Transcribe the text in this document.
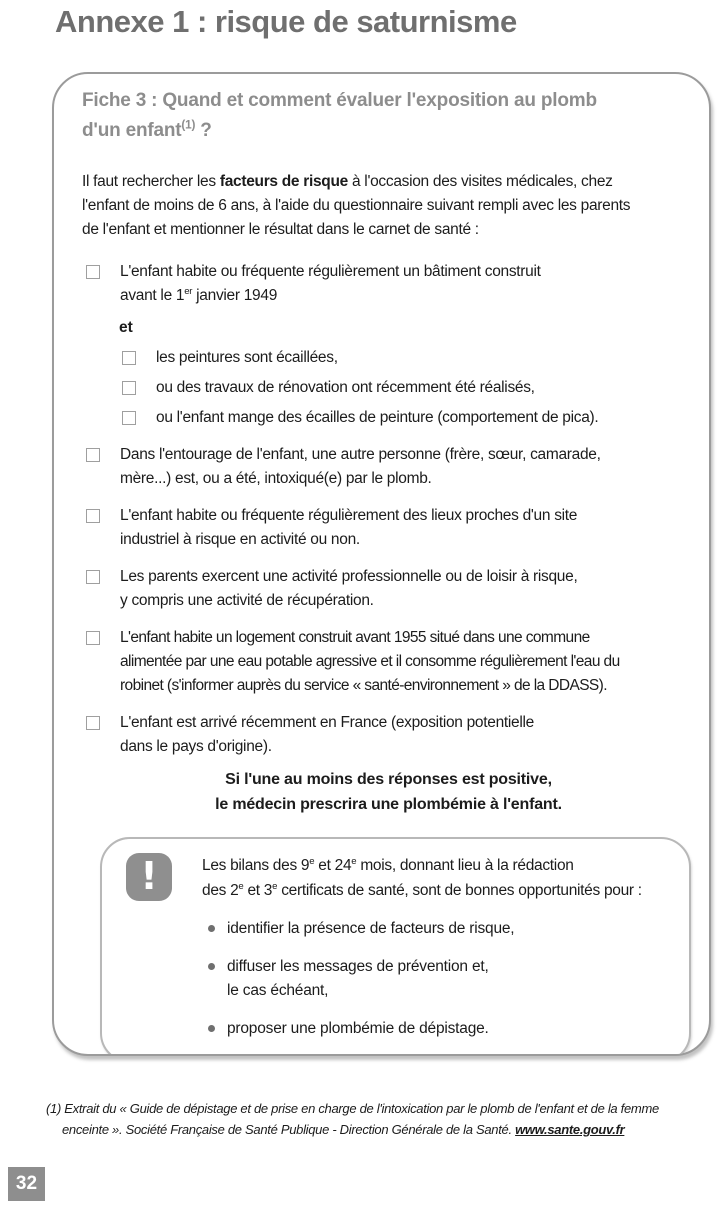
Annexe 1 : risque de saturnisme
Fiche 3 : Quand et comment évaluer l'exposition au plomb
d'un enfant$^{(1)}$ ?
Il faut rechercher les facteurs de risque à l'occasion des visites médicales, chez
l'enfant de moins de 6 ans, à l'aide du questionnaire suivant rempli avec les parents
de l'enfant et mentionner le résultat dans le carnet de santé :
L'enfant habite ou fréquente régulièrement un bâtiment construit
avant le 1er janvier 1949
et
les peintures sont écaillées,
ou des travaux de rénovation ont récemment été réalisés,
ou l'enfant mange des écailles de peinture (comportement de pica).
Dans l'entourage de l'enfant, une autre personne (frère, sœur, camarade,
mère...) est, ou a été, intoxiqué(e) par le plomb.
L'enfant habite ou fréquente régulièrement des lieux proches d'un site
industriel à risque en activité ou non.
Les parents exercent une activité professionnelle ou de loisir à risque,
y compris une activité de récupération.
L'enfant habite un logement construit avant 1955 situé dans une commune
alimentée par une eau potable agressive et il consomme régulièrement l'eau du
robinet (s'informer auprès du service « santé-environnement » de la DDASS).
L'enfant est arrivé récemment en France (exposition potentielle
dans le pays d'origine).
Si l'une au moins des réponses est positive,
le médecin prescrira une plombémie à l'enfant.
!	Les bilans des 9e et 24e mois, donnant lieu à la rédaction
des 2e et 3e certificats de santé, sont de bonnes opportunités pour :
identifier la présence de facteurs de risque,
diffuser les messages de prévention et,
le cas échéant,
proposer une plombémie de dépistage.
(1) Extrait du « Guide de dépistage et de prise en charge de l'intoxication par le plomb de l'enfant et de la femme
enceinte ». Société Française de Santé Publique - Direction Générale de la Santé. www.sante.gouv.fr
32
